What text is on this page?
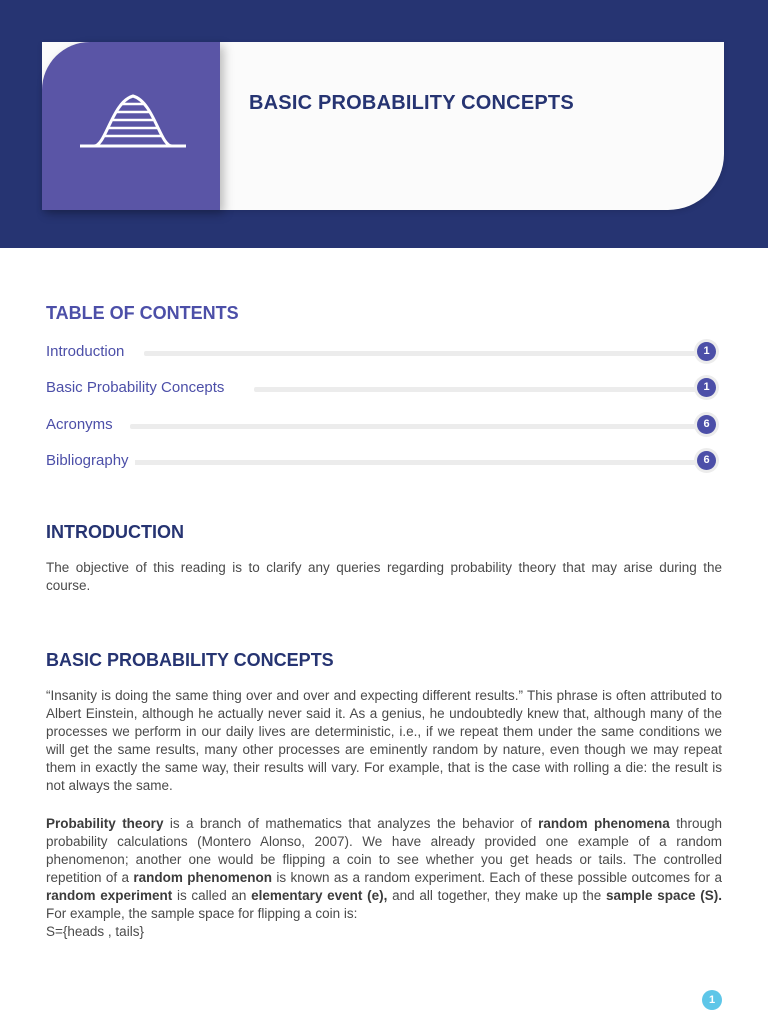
BASIC PROBABILITY CONCEPTS
TABLE OF CONTENTS
Introduction	1
Basic Probability Concepts	1
Acronyms	6
Bibliography	6
INTRODUCTION

The objective of this reading is to clarify any queries regarding probability theory that may arise during the course.

BASIC PROBABILITY CONCEPTS

“Insanity is doing the same thing over and over and expecting different results.” This phrase is often attributed to Albert Einstein, although he actually never said it. As a genius, he undoubtedly knew that, although many of the processes we perform in our daily lives are deterministic, i.e., if we repeat them under the same conditions we will get the same results, many other processes are eminently random by nature, even though we may repeat them in exactly the same way, their results will vary. For example, that is the case with rolling a die: the result is not always the same.

Probability theory is a branch of mathematics that analyzes the behavior of random phenomena through probability calculations (Montero Alonso, 2007). We have already provided one example of a random phenomenon; another one would be flipping a coin to see whether you get heads or tails. The controlled repetition of a random phenomenon is known as a random experiment. Each of these possible outcomes for a random experiment is called an elementary event (e), and all together, they make up the sample space (S). For example, the sample space for flipping a coin is:

S={heads , tails}

1
